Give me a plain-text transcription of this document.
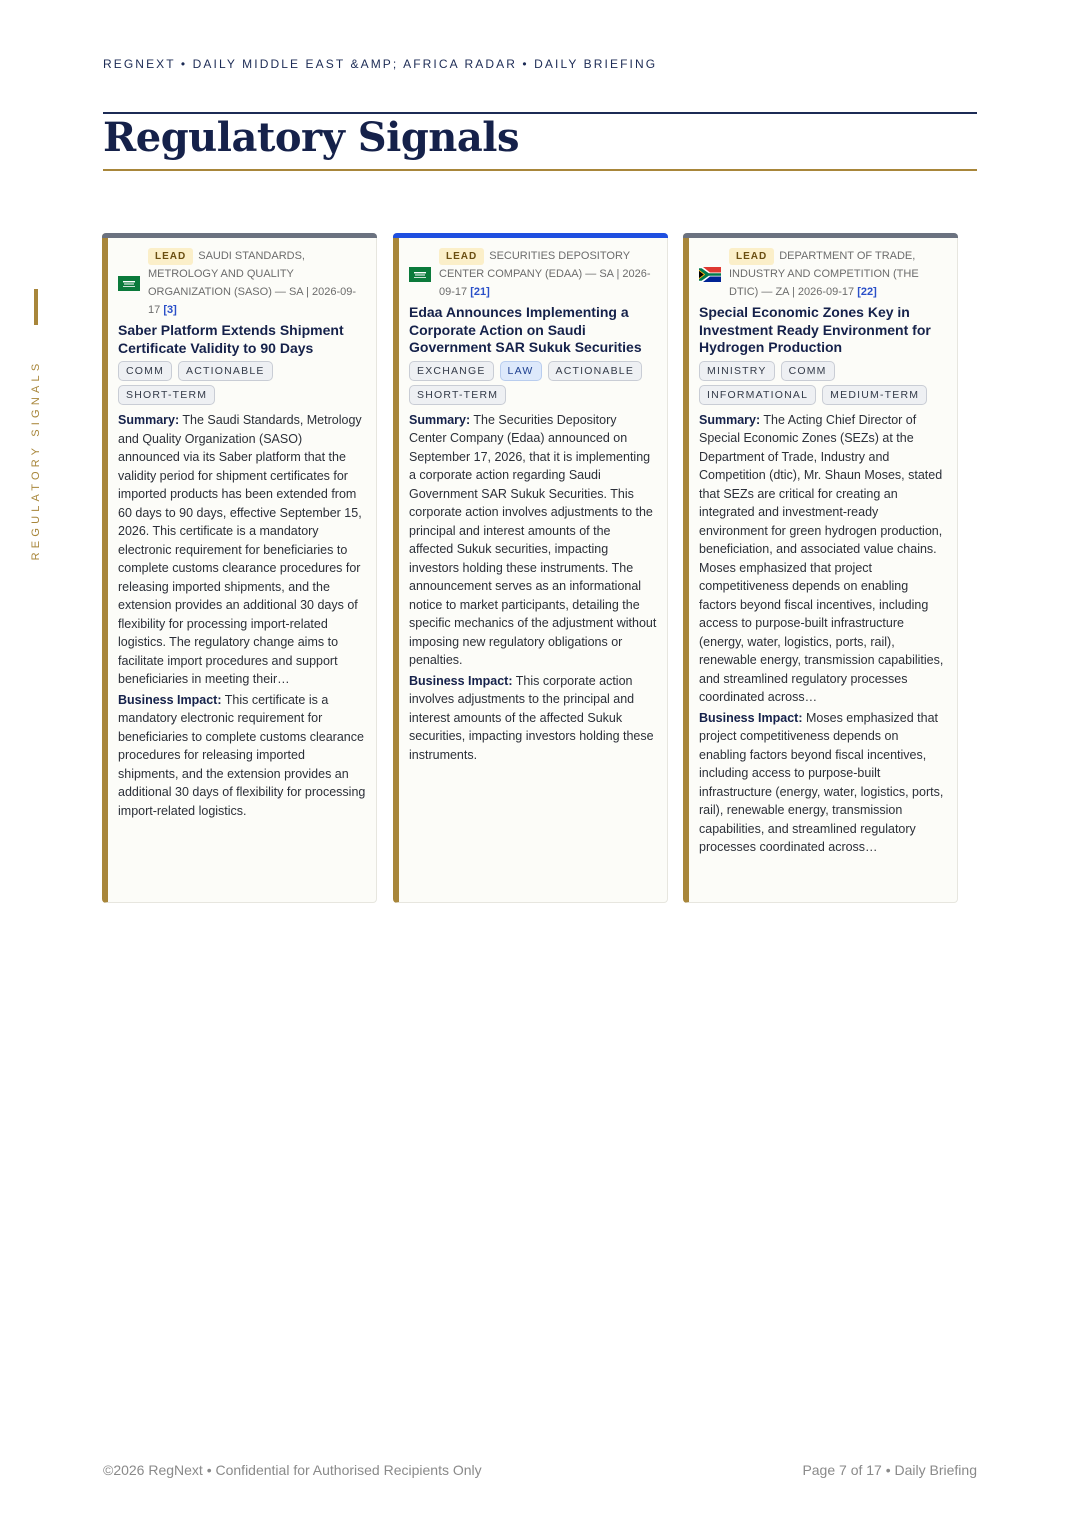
REGNEXT • DAILY MIDDLE EAST &AMP; AFRICA RADAR • DAILY BRIEFING
Regulatory Signals
REGULATORY SIGNALS
LEAD SAUDI STANDARDS, METROLOGY AND QUALITY ORGANIZATION (SASO) — SA | 2026-09-17 [3]
Saber Platform Extends Shipment Certificate Validity to 90 Days
COMM ACTIONABLESHORT-TERM
Summary: The Saudi Standards, Metrology and Quality Organization (SASO) announced via its Saber platform that the validity period for shipment certificates for imported products has been extended from 60 days to 90 days, effective September 15, 2026. This certificate is a mandatory electronic requirement for beneficiaries to complete customs clearance procedures for releasing imported shipments, and the extension provides an additional 30 days of flexibility for processing import-related logistics. The regulatory change aims to facilitate import procedures and support beneficiaries in meeting their…
Business Impact: This certificate is a mandatory electronic requirement for beneficiaries to complete customs clearance procedures for releasing imported shipments, and the extension provides an additional 30 days of flexibility for processing import-related logistics.
LEAD SECURITIES DEPOSITORY CENTER COMPANY (EDAA) — SA | 2026-09-17 [21]
Edaa Announces Implementing a Corporate Action on Saudi Government SAR Sukuk Securities
EXCHANGE LAW ACTIONABLESHORT-TERM
Summary: The Securities Depository Center Company (Edaa) announced on September 17, 2026, that it is implementing a corporate action regarding Saudi Government SAR Sukuk Securities. This corporate action involves adjustments to the principal and interest amounts of the affected Sukuk securities, impacting investors holding these instruments. The announcement serves as an informational notice to market participants, detailing the specific mechanics of the adjustment without imposing new regulatory obligations or penalties.
Business Impact: This corporate action involves adjustments to the principal and interest amounts of the affected Sukuk securities, impacting investors holding these instruments.
LEAD DEPARTMENT OF TRADE, INDUSTRY AND COMPETITION (THE DTIC) — ZA | 2026-09-17 [22]
Special Economic Zones Key in Investment Ready Environment for Hydrogen Production
MINISTRY COMMINFORMATIONAL MEDIUM-TERM
Summary: The Acting Chief Director of Special Economic Zones (SEZs) at the Department of Trade, Industry and Competition (dtic), Mr. Shaun Moses, stated that SEZs are critical for creating an integrated and investment-ready environment for green hydrogen production, beneficiation, and associated value chains. Moses emphasized that project competitiveness depends on enabling factors beyond fiscal incentives, including access to purpose-built infrastructure (energy, water, logistics, ports, rail), renewable energy, transmission capabilities, and streamlined regulatory processes coordinated across…
Business Impact: Moses emphasized that project competitiveness depends on enabling factors beyond fiscal incentives, including access to purpose-built infrastructure (energy, water, logistics, ports, rail), renewable energy, transmission capabilities, and streamlined regulatory processes coordinated across…
©2026 RegNext • Confidential for Authorised Recipients Only	Page 7 of 17 • Daily Briefing
